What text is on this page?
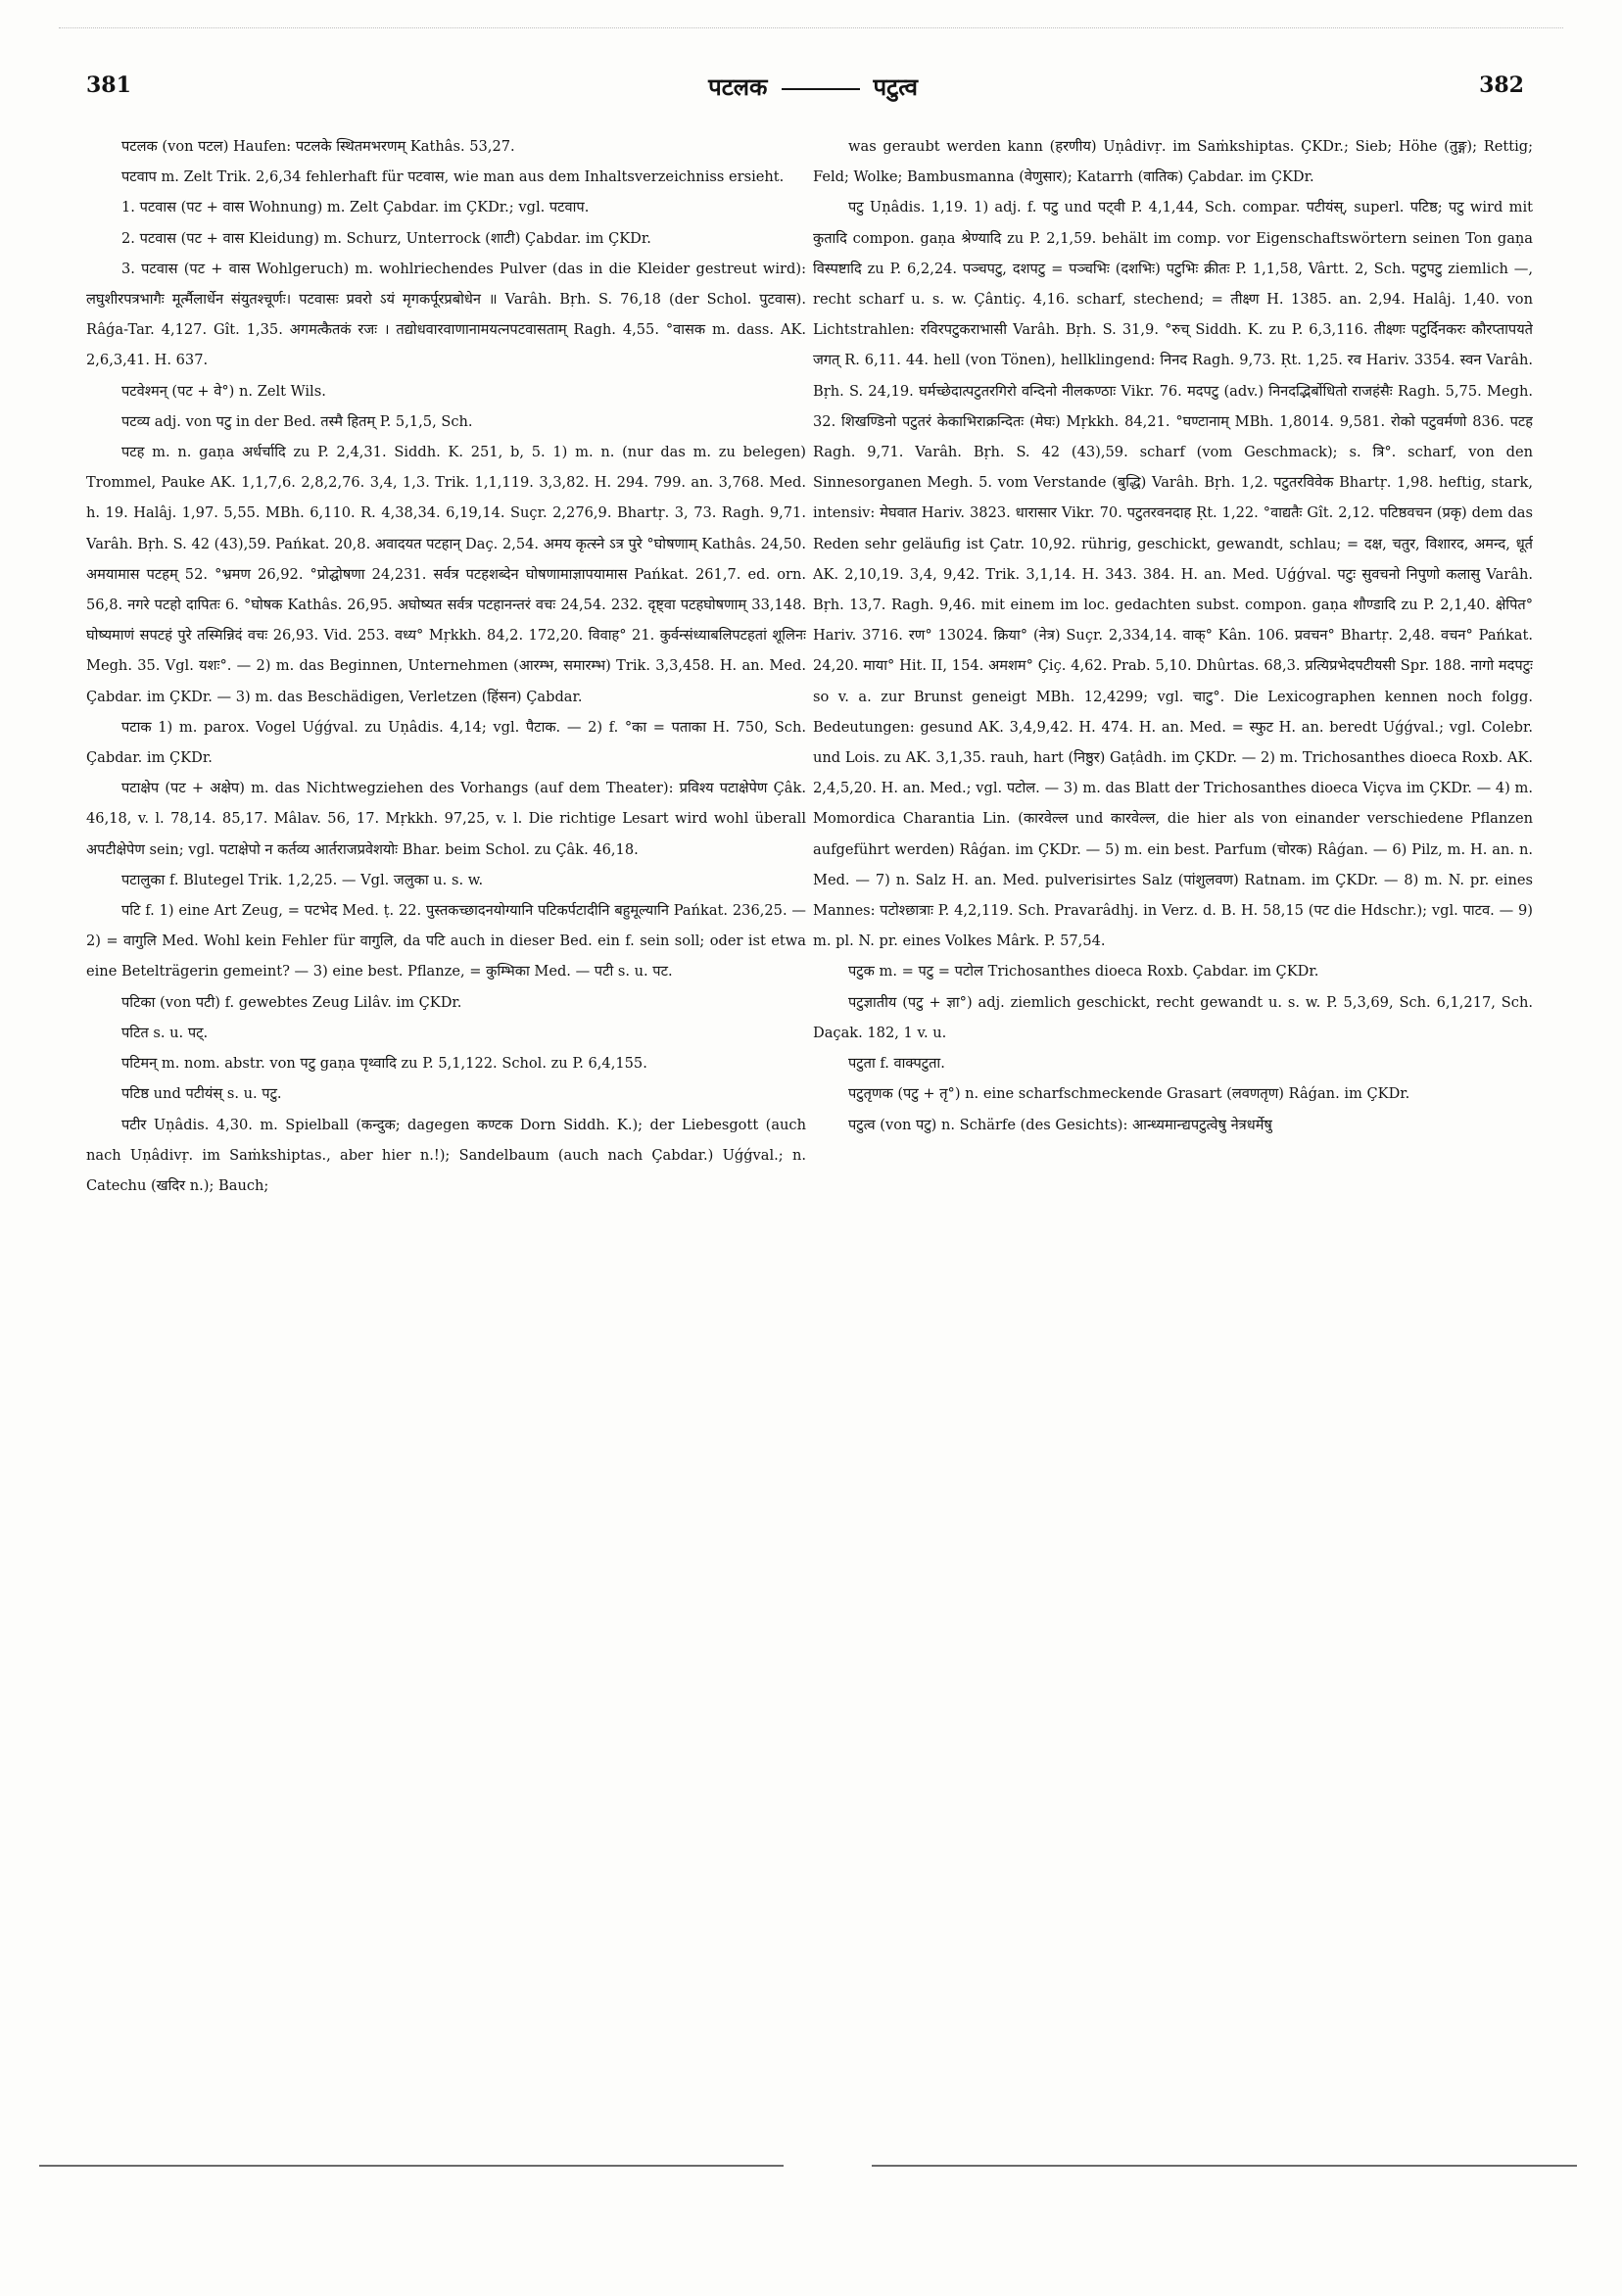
381	पटलक	पटुत्व	382

पटलक (von पटल) Haufen: पटलके स्थितमभरणम् Kathâs. 53,27.

पटवाप m. Zelt Trik. 2,6,34 fehlerhaft für पटवास, wie man aus dem Inhaltsverzeichniss ersieht.

1. पटवास (पट + वास Wohnung) m. Zelt Çabdar. im ÇKDr.; vgl. पटवाप.

2. पटवास (पट + वास Kleidung) m. Schurz, Unterrock (शाटी) Çabdar. im ÇKDr.

3. पटवास (पट + वास Wohlgeruch) m. wohlriechendes Pulver (das in die Kleider gestreut wird): लघुशीरपत्रभागैः मूर्त्मैलार्धेन संयुतश्चूर्णः। पटवासः प्रवरो ऽयं मृगकर्पूरप्रबोधेन ॥ Varâh. Bṛh. S. 76,18 (der Schol. पुटवास). Râǵa-Tar. 4,127. Gît. 1,35. अगमत्कैतकं रजः । तद्योधवारवाणानामयत्नपटवासताम् Ragh. 4,55. °वासक m. dass. AK. 2,6,3,41. H. 637.

पटवेश्मन् (पट + वे°) n. Zelt Wils.

पटव्य adj. von पटु in der Bed. तस्मै हितम् P. 5,1,5, Sch.

पटह m. n. gaṇa अर्धर्चादि zu P. 2,4,31. Siddh. K. 251, b, 5. 1) m. n. (nur das m. zu belegen) Trommel, Pauke AK. 1,1,7,6. 2,8,2,76. 3,4, 1,3. Trik. 1,1,119. 3,3,82. H. 294. 799. an. 3,768. Med. h. 19. Halâj. 1,97. 5,55. MBh. 6,110. R. 4,38,34. 6,19,14. Suçr. 2,276,9. Bhartṛ. 3, 73. Ragh. 9,71. Varâh. Bṛh. S. 42 (43),59. Pańkat. 20,8. अवादयत पटहान् Daç. 2,54. अमय कृत्स्ने ऽत्र पुरे °घोषणाम् Kathâs. 24,50. अमयामास पटहम् 52. °भ्रमण 26,92. °प्रोद्घोषणा 24,231. सर्वत्र पटहशब्देन घोषणामाज्ञापयामास Pańkat. 261,7. ed. orn. 56,8. नगरे पटहो दापितः 6. °घोषक Kathâs. 26,95. अघोष्यत सर्वत्र पटहानन्तरं वचः 24,54. 232. दृष्ट्वा पटहघोषणाम् 33,148. घोष्यमाणं सपटहं पुरे तस्मिन्निदं वचः 26,93. Vid. 253. वध्य° Mṛkkh. 84,2. 172,20. विवाह° 21. कुर्वन्संध्याबलिपटहतां शूलिनः Megh. 35. Vgl. यशः°. — 2) m. das Beginnen, Unternehmen (आरम्भ, समारम्भ) Trik. 3,3,458. H. an. Med. Çabdar. im ÇKDr. — 3) m. das Beschädigen, Verletzen (हिंसन) Çabdar.

पटाक 1) m. parox. Vogel Uǵǵval. zu Uṇâdis. 4,14; vgl. पैटाक. — 2) f. °का = पताका H. 750, Sch. Çabdar. im ÇKDr.

पटाक्षेप (पट + अक्षेप) m. das Nichtwegziehen des Vorhangs (auf dem Theater): प्रविश्य पटाक्षेपेण Çâk. 46,18, v. l. 78,14. 85,17. Mâlav. 56, 17. Mṛkkh. 97,25, v. l. Die richtige Lesart wird wohl überall अपटीक्षेपेण sein; vgl. पटाक्षेपो न कर्तव्य आर्तराजप्रवेशयोः Bhar. beim Schol. zu Çâk. 46,18.

पटालुका f. Blutegel Trik. 1,2,25. — Vgl. जलुका u. s. w.

पटि f. 1) eine Art Zeug, = पटभेद Med. ṭ. 22. पुस्तकच्छादनयोग्यानि पटिकर्पटादीनि बहुमूल्यानि Pańkat. 236,25. — 2) = वागुलि Med. Wohl kein Fehler für वागुलि, da पटि auch in dieser Bed. ein f. sein soll; oder ist etwa eine Betelträgerin gemeint? — 3) eine best. Pflanze, = कुम्भिका Med. — पटी s. u. पट.

पटिका (von पटी) f. gewebtes Zeug Lilâv. im ÇKDr.

पटित s. u. पट्.

पटिमन् m. nom. abstr. von पटु gaṇa पृथ्वादि zu P. 5,1,122. Schol. zu P. 6,4,155.

पटिष्ठ und पटीयंस् s. u. पटु.

पटीर Uṇâdis. 4,30. m. Spielball (कन्दुक; dagegen कण्टक Dorn Siddh. K.); der Liebesgott (auch nach Uṇâdivṛ. im Saṁkshiptas., aber hier n.!); Sandelbaum (auch nach Çabdar.) Uǵǵval.; n. Catechu (खदिर n.); Bauch;

was geraubt werden kann (हरणीय) Uṇâdivṛ. im Saṁkshiptas. ÇKDr.; Sieb; Höhe (तुङ्ग); Rettig; Feld; Wolke; Bambusmanna (वेणुसार); Katarrh (वातिक) Çabdar. im ÇKDr.

पटु Uṇâdis. 1,19. 1) adj. f. पटु und पट्वी P. 4,1,44, Sch. compar. पटीयंस्, superl. पटिष्ठ; पटु wird mit कुतादि compon. gaṇa श्रेण्यादि zu P. 2,1,59. behält im comp. vor Eigenschaftswörtern seinen Ton gaṇa विस्पष्टादि zu P. 6,2,24. पञ्चपटु, दशपटु = पञ्चभिः (दशभिः) पटुभिः क्रीतः P. 1,1,58, Vârtt. 2, Sch. पटुपटु ziemlich —, recht scharf u. s. w. Çântiç. 4,16. scharf, stechend; = तीक्ष्ण H. 1385. an. 2,94. Halâj. 1,40. von Lichtstrahlen: रविरपटुकराभासी Varâh. Bṛh. S. 31,9. °रुच् Siddh. K. zu P. 6,3,116. तीक्ष्णः पटुर्दिनकरः कौरप्तापयते जगत् R. 6,11. 44. hell (von Tönen), hellklingend: निनद Ragh. 9,73. Ṛt. 1,25. रव Hariv. 3354. स्वन Varâh. Bṛh. S. 24,19. घर्मच्छेदात्पटुतरगिरो वन्दिनो नीलकण्ठाः Vikr. 76. मदपटु (adv.) निनदद्भिर्बोधितो राजहंसैः Ragh. 5,75. Megh. 32. शिखण्डिनो पटुतरं केकाभिराक्रन्दितः (मेघः) Mṛkkh. 84,21. °घण्टानाम् MBh. 1,8014. 9,581. रोको पटुवर्मणो 836. पटह Ragh. 9,71. Varâh. Bṛh. S. 42 (43),59. scharf (vom Geschmack); s. त्रि°. scharf, von den Sinnesorganen Megh. 5. vom Verstande (बुद्धि) Varâh. Bṛh. 1,2. पटुतरविवेक Bhartṛ. 1,98. heftig, stark, intensiv: मेघवात Hariv. 3823. धारासार Vikr. 70. पटुतरवनदाह Ṛt. 1,22. °वाद्यतैः Gît. 2,12. पटिष्ठवचन (प्रकृ) dem das Reden sehr geläufig ist Çatr. 10,92. rührig, geschickt, gewandt, schlau; = दक्ष, चतुर, विशारद, अमन्द, धूर्त AK. 2,10,19. 3,4, 9,42. Trik. 3,1,14. H. 343. 384. H. an. Med. Uǵǵval. पटुः सुवचनो निपुणो कलासु Varâh. Bṛh. 13,7. Ragh. 9,46. mit einem im loc. gedachten subst. compon. gaṇa शौण्डादि zu P. 2,1,40. क्षेपित° Hariv. 3716. रण° 13024. क्रिया° (नेत्र) Suçr. 2,334,14. वाक्° Kân. 106. प्रवचन° Bhartṛ. 2,48. वचन° Pańkat. 24,20. माया° Hit. II, 154. अमशम° Çiç. 4,62. Prab. 5,10. Dhûrtas. 68,3. प्रत्यिप्रभेदपटीयसी Spr. 188. नागो मदपटुः so v. a. zur Brunst geneigt MBh. 12,4299; vgl. चाटु°. Die Lexicographen kennen noch folgg. Bedeutungen: gesund AK. 3,4,9,42. H. 474. H. an. Med. = स्फुट H. an. beredt Uǵǵval.; vgl. Colebr. und Lois. zu AK. 3,1,35. rauh, hart (निष्ठुर) Gaṭâdh. im ÇKDr. — 2) m. Trichosanthes dioeca Roxb. AK. 2,4,5,20. H. an. Med.; vgl. पटोल. — 3) m. das Blatt der Trichosanthes dioeca Viçva im ÇKDr. — 4) m. Momordica Charantia Lin. (कारवेल्ल und कारवेल्ल, die hier als von einander verschiedene Pflanzen aufgeführt werden) Râǵan. im ÇKDr. — 5) m. ein best. Parfum (चोरक) Râǵan. — 6) Pilz, m. H. an. n. Med. — 7) n. Salz H. an. Med. pulverisirtes Salz (पांशुलवण) Ratnam. im ÇKDr. — 8) m. N. pr. eines Mannes: पटोश्छात्राः P. 4,2,119. Sch. Pravarâdhj. in Verz. d. B. H. 58,15 (पट die Hdschr.); vgl. पाटव. — 9) m. pl. N. pr. eines Volkes Mârk. P. 57,54.

पटुक m. = पटु = पटोल Trichosanthes dioeca Roxb. Çabdar. im ÇKDr.

पटुज्ञातीय (पटु + ज्ञा°) adj. ziemlich geschickt, recht gewandt u. s. w. P. 5,3,69, Sch. 6,1,217, Sch. Daçak. 182, 1 v. u.

पटुता f. वाक्पटुता.

पटुतृणक (पटु + तृ°) n. eine scharfschmeckende Grasart (लवणतृण) Râǵan. im ÇKDr.

पटुत्व (von पटु) n. Schärfe (des Gesichts): आन्ध्यमान्द्यपटुत्वेषु नेत्रधर्मेषु
